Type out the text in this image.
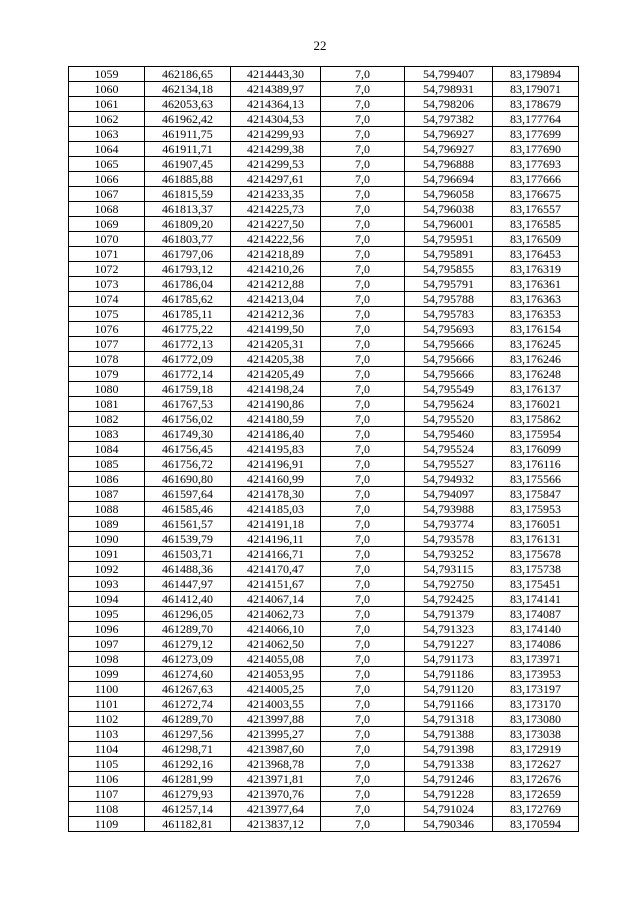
22
1059	462186,65	4214443,30	7,0	54,799407	83,179894
1060	462134,18	4214389,97	7,0	54,798931	83,179071
1061	462053,63	4214364,13	7,0	54,798206	83,178679
1062	461962,42	4214304,53	7,0	54,797382	83,177764
1063	461911,75	4214299,93	7,0	54,796927	83,177699
1064	461911,71	4214299,38	7,0	54,796927	83,177690
1065	461907,45	4214299,53	7,0	54,796888	83,177693
1066	461885,88	4214297,61	7,0	54,796694	83,177666
1067	461815,59	4214233,35	7,0	54,796058	83,176675
1068	461813,37	4214225,73	7,0	54,796038	83,176557
1069	461809,20	4214227,50	7,0	54,796001	83,176585
1070	461803,77	4214222,56	7,0	54,795951	83,176509
1071	461797,06	4214218,89	7,0	54,795891	83,176453
1072	461793,12	4214210,26	7,0	54,795855	83,176319
1073	461786,04	4214212,88	7,0	54,795791	83,176361
1074	461785,62	4214213,04	7,0	54,795788	83,176363
1075	461785,11	4214212,36	7,0	54,795783	83,176353
1076	461775,22	4214199,50	7,0	54,795693	83,176154
1077	461772,13	4214205,31	7,0	54,795666	83,176245
1078	461772,09	4214205,38	7,0	54,795666	83,176246
1079	461772,14	4214205,49	7,0	54,795666	83,176248
1080	461759,18	4214198,24	7,0	54,795549	83,176137
1081	461767,53	4214190,86	7,0	54,795624	83,176021
1082	461756,02	4214180,59	7,0	54,795520	83,175862
1083	461749,30	4214186,40	7,0	54,795460	83,175954
1084	461756,45	4214195,83	7,0	54,795524	83,176099
1085	461756,72	4214196,91	7,0	54,795527	83,176116
1086	461690,80	4214160,99	7,0	54,794932	83,175566
1087	461597,64	4214178,30	7,0	54,794097	83,175847
1088	461585,46	4214185,03	7,0	54,793988	83,175953
1089	461561,57	4214191,18	7,0	54,793774	83,176051
1090	461539,79	4214196,11	7,0	54,793578	83,176131
1091	461503,71	4214166,71	7,0	54,793252	83,175678
1092	461488,36	4214170,47	7,0	54,793115	83,175738
1093	461447,97	4214151,67	7,0	54,792750	83,175451
1094	461412,40	4214067,14	7,0	54,792425	83,174141
1095	461296,05	4214062,73	7,0	54,791379	83,174087
1096	461289,70	4214066,10	7,0	54,791323	83,174140
1097	461279,12	4214062,50	7,0	54,791227	83,174086
1098	461273,09	4214055,08	7,0	54,791173	83,173971
1099	461274,60	4214053,95	7,0	54,791186	83,173953
1100	461267,63	4214005,25	7,0	54,791120	83,173197
1101	461272,74	4214003,55	7,0	54,791166	83,173170
1102	461289,70	4213997,88	7,0	54,791318	83,173080
1103	461297,56	4213995,27	7,0	54,791388	83,173038
1104	461298,71	4213987,60	7,0	54,791398	83,172919
1105	461292,16	4213968,78	7,0	54,791338	83,172627
1106	461281,99	4213971,81	7,0	54,791246	83,172676
1107	461279,93	4213970,76	7,0	54,791228	83,172659
1108	461257,14	4213977,64	7,0	54,791024	83,172769
1109	461182,81	4213837,12	7,0	54,790346	83,170594
